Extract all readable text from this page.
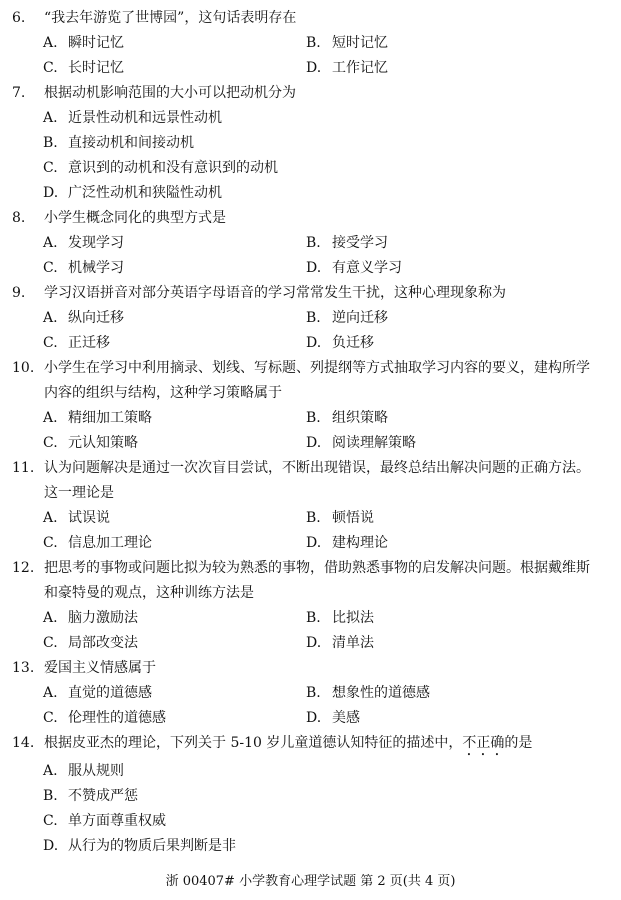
6. “我去年游览了世博园”，这句话表明存在
A. 瞬时记忆	B. 短时记忆
C. 长时记忆	D. 工作记忆
7. 根据动机影响范围的大小可以把动机分为
A. 近景性动机和远景性动机
B. 直接动机和间接动机
C. 意识到的动机和没有意识到的动机
D. 广泛性动机和狭隘性动机
8. 小学生概念同化的典型方式是
A. 发现学习	B. 接受学习
C. 机械学习	D. 有意义学习
9. 学习汉语拼音对部分英语字母语音的学习常常发生干扰，这种心理现象称为
A. 纵向迁移	B. 逆向迁移
C. 正迁移	D. 负迁移
10. 小学生在学习中利用摘录、划线、写标题、列提纲等方式抽取学习内容的要义，建构所学
内容的组织与结构，这种学习策略属于
A. 精细加工策略	B. 组织策略
C. 元认知策略	D. 阅读理解策略
11. 认为问题解决是通过一次次盲目尝试，不断出现错误，最终总结出解决问题的正确方法。
这一理论是
A. 试误说	B. 顿悟说
C. 信息加工理论	D. 建构理论
12. 把思考的事物或问题比拟为较为熟悉的事物，借助熟悉事物的启发解决问题。根据戴维斯
和豪特曼的观点，这种训练方法是
A. 脑力激励法	B. 比拟法
C. 局部改变法	D. 清单法
13. 爱国主义情感属于
A. 直觉的道德感	B. 想象性的道德感
C. 伦理性的道德感	D. 美感
14. 根据皮亚杰的理论，下列关于 5-10 岁儿童道德认知特征的描述中，不正确的是
A. 服从规则
B. 不赞成严惩
C. 单方面尊重权威
D. 从行为的物质后果判断是非
浙 00407# 小学教育心理学试题 第 2 页(共 4 页)
